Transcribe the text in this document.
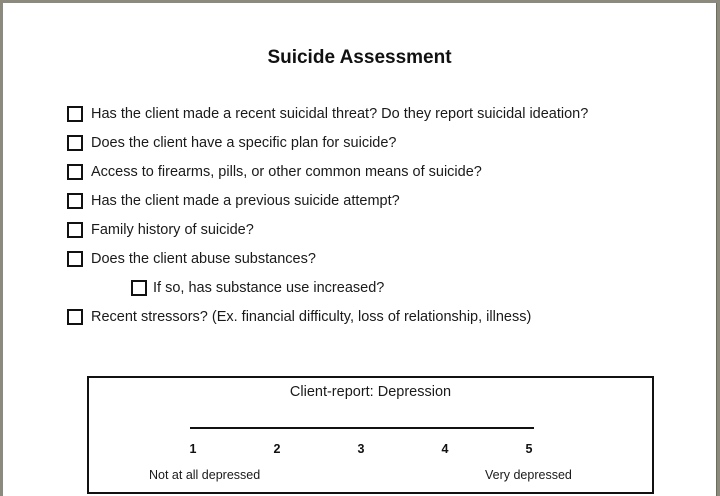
Suicide Assessment
Has the client made a recent suicidal threat? Do they report suicidal ideation?
Does the client have a specific plan for suicide?
Access to firearms, pills, or other common means of suicide?
Has the client made a previous suicide attempt?
Family history of suicide?
Does the client abuse substances?
If so, has substance use increased?
Recent stressors? (Ex. financial difficulty, loss of relationship, illness)
Client-report: Depression
1	2	3	4	5
Not at all depressed	Very depressed
